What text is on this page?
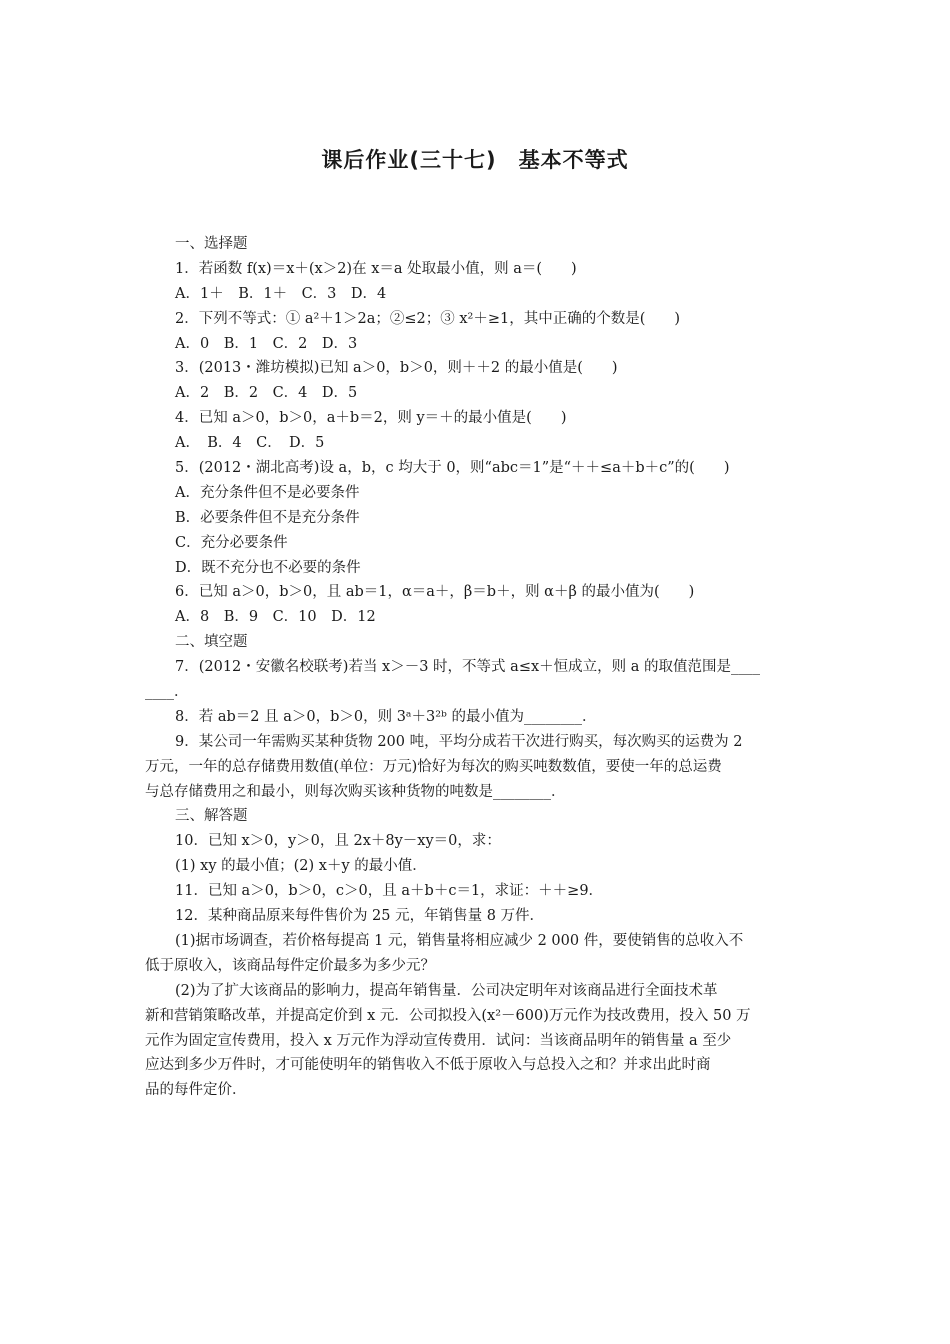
课后作业(三十七)　基本不等式
一、选择题
1．若函数 f(x)＝x＋(x＞2)在 x＝a 处取最小值，则 a＝(　　)
A．1＋　B．1＋　C．3　D．4
2．下列不等式：① a²＋1＞2a；②≤2；③ x²＋≥1，其中正确的个数是(　　)
A．0　B．1　C．2　D．3
3．(2013・潍坊模拟)已知 a＞0，b＞0，则＋＋2 的最小值是(　　)
A．2　B．2　C．4　D．5
4．已知 a＞0，b＞0，a＋b＝2，则 y＝＋的最小值是(　　)
A．　B．4　C．　D．5
5．(2012・湖北高考)设 a，b，c 均大于 0，则“abc＝1”是“＋＋≤a＋b＋c”的(　　)
A．充分条件但不是必要条件
B．必要条件但不是充分条件
C．充分必要条件
D．既不充分也不必要的条件
6．已知 a＞0，b＞0，且 ab＝1，α＝a＋，β＝b＋，则 α＋β 的最小值为(　　)
A．8　B．9　C．10　D．12
二、填空题
7．(2012・安徽名校联考)若当 x＞－3 时，不等式 a≤x＋恒成立，则 a 的取值范围是____
____．
8．若 ab＝2 且 a＞0，b＞0，则 3ᵃ＋3²ᵇ 的最小值为________．
9．某公司一年需购买某种货物 200 吨，平均分成若干次进行购买，每次购买的运费为 2
万元，一年的总存储费用数值(单位：万元)恰好为每次的购买吨数数值，要使一年的总运费
与总存储费用之和最小，则每次购买该种货物的吨数是________．
三、解答题
10．已知 x＞0，y＞0，且 2x＋8y－xy＝0，求：
(1) xy 的最小值；(2) x＋y 的最小值．
11．已知 a＞0，b＞0，c＞0，且 a＋b＋c＝1，求证：＋＋≥9．
12．某种商品原来每件售价为 25 元，年销售量 8 万件．
(1)据市场调查，若价格每提高 1 元，销售量将相应减少 2 000 件，要使销售的总收入不
低于原收入，该商品每件定价最多为多少元？
(2)为了扩大该商品的影响力，提高年销售量．公司决定明年对该商品进行全面技术革
新和营销策略改革，并提高定价到 x 元．公司拟投入(x²－600)万元作为技改费用，投入 50 万
元作为固定宣传费用，投入 x 万元作为浮动宣传费用．试问：当该商品明年的销售量 a 至少
应达到多少万件时，才可能使明年的销售收入不低于原收入与总投入之和？并求出此时商
品的每件定价．
